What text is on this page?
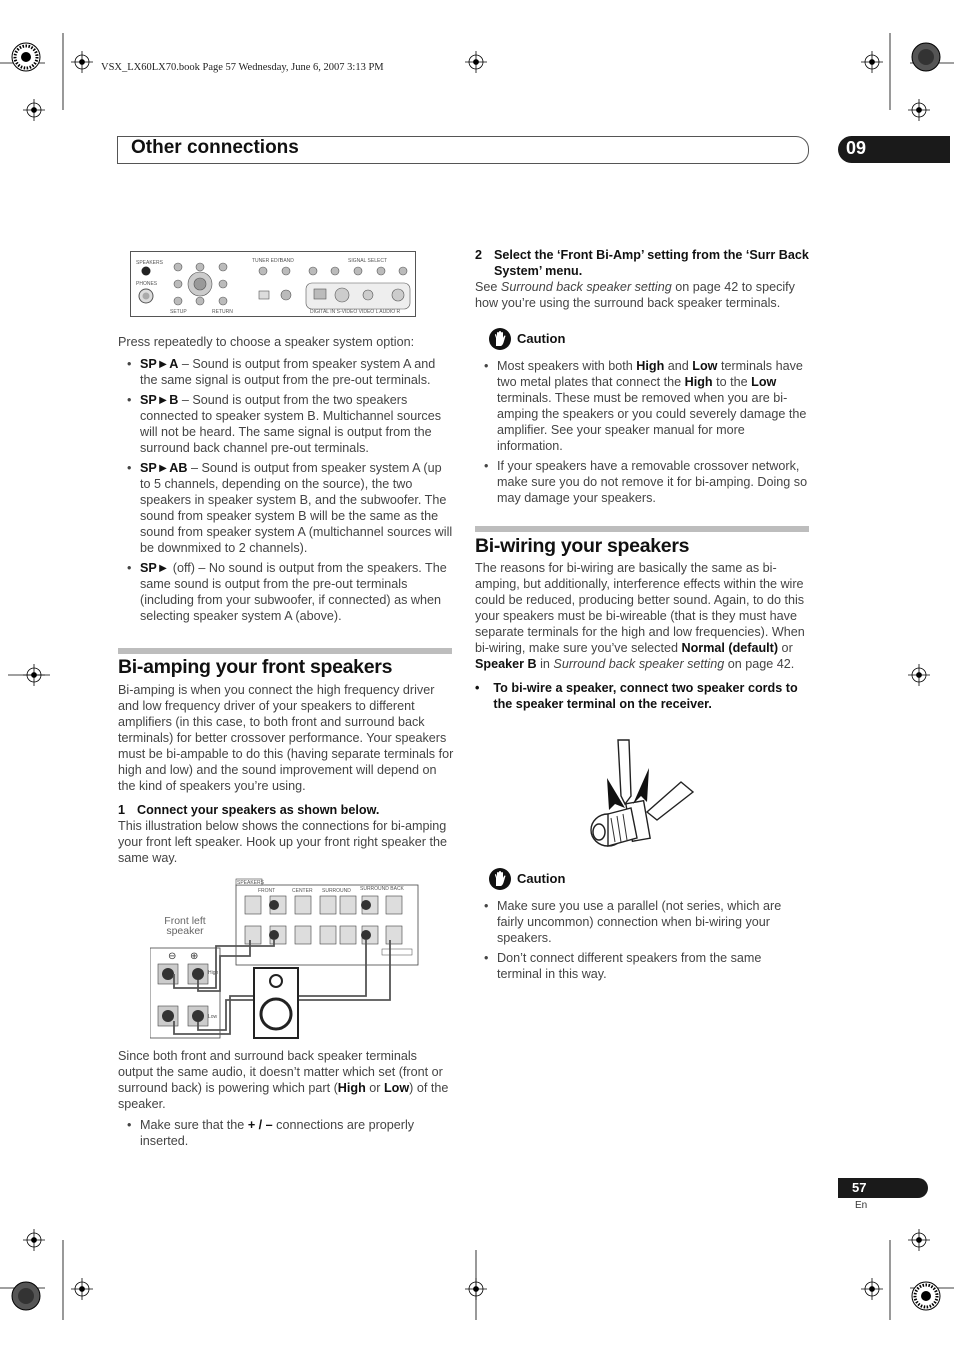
VSX_LX60LX70.book Page 57 Wednesday, June 6, 2007 3:13 PM
Other connections	09
SPEAKERS
PHONES
TUNER EDIT
BAND	SIGNAL SELECT
SETUP	RETURN	DIGITAL IN S-VIDEO VIDEO L AUDIO R

Press repeatedly to choose a speaker system option:

• SP►A – Sound is output from speaker system A and the same signal is output from the pre-out terminals.
• SP►B – Sound is output from the two speakers connected to speaker system B. Multichannel sources will not be heard. The same signal is output from the surround back channel pre-out terminals.
• SP►AB – Sound is output from speaker system A (up to 5 channels, depending on the source), the two speakers in speaker system B, and the subwoofer. The sound from speaker system B will be the same as the sound from speaker system A (multichannel sources will be downmixed to 2 channels).
• SP► (off) – No sound is output from the speakers. The same sound is output from the pre-out terminals (including from your subwoofer, if connected) as when selecting speaker system A (above).
Bi-amping your front speakers

Bi-amping is when you connect the high frequency driver and low frequency driver of your speakers to different amplifiers (in this case, to both front and surround back terminals) for better crossover performance. Your speakers must be bi-ampable to do this (having separate terminals for high and low) and the sound improvement will depend on the kind of speakers you’re using.

1 Connect your speakers as shown below.

This illustration below shows the connections for bi-amping your front left speaker. Hook up your front right speaker the same way.

SPEAKERS
FRONT	CENTER SURROUND SURROUND BACK
Front left speaker
⊖ ⊕
High
Low

Since both front and surround back speaker terminals output the same audio, it doesn’t matter which set (front or surround back) is powering which part (High or Low) of the speaker.

• Make sure that the + / – connections are properly inserted.
2 Select the ‘Front Bi-Amp’ setting from the ‘Surr Back System’ menu.

See Surround back speaker setting on page 42 to specify how you’re using the surround back speaker terminals.

Caution
• Most speakers with both High and Low terminals have two metal plates that connect the High to the Low terminals. These must be removed when you are bi-amping the speakers or you could severely damage the amplifier. See your speaker manual for more information.
• If your speakers have a removable crossover network, make sure you do not remove it for bi-amping. Doing so may damage your speakers.
Bi-wiring your speakers

The reasons for bi-wiring are basically the same as bi-amping, but additionally, interference effects within the wire could be reduced, producing better sound. Again, to do this your speakers must be bi-wireable (that is they must have separate terminals for the high and low frequencies). When bi-wiring, make sure you’ve selected Normal (default) or Speaker B in Surround back speaker setting on page 42.

• To bi-wire a speaker, connect two speaker cords to the speaker terminal on the receiver.
Caution
• Make sure you use a parallel (not series, which are fairly uncommon) connection when bi-wiring your speakers.
• Don’t connect different speakers from the same terminal in this way.
57
En
